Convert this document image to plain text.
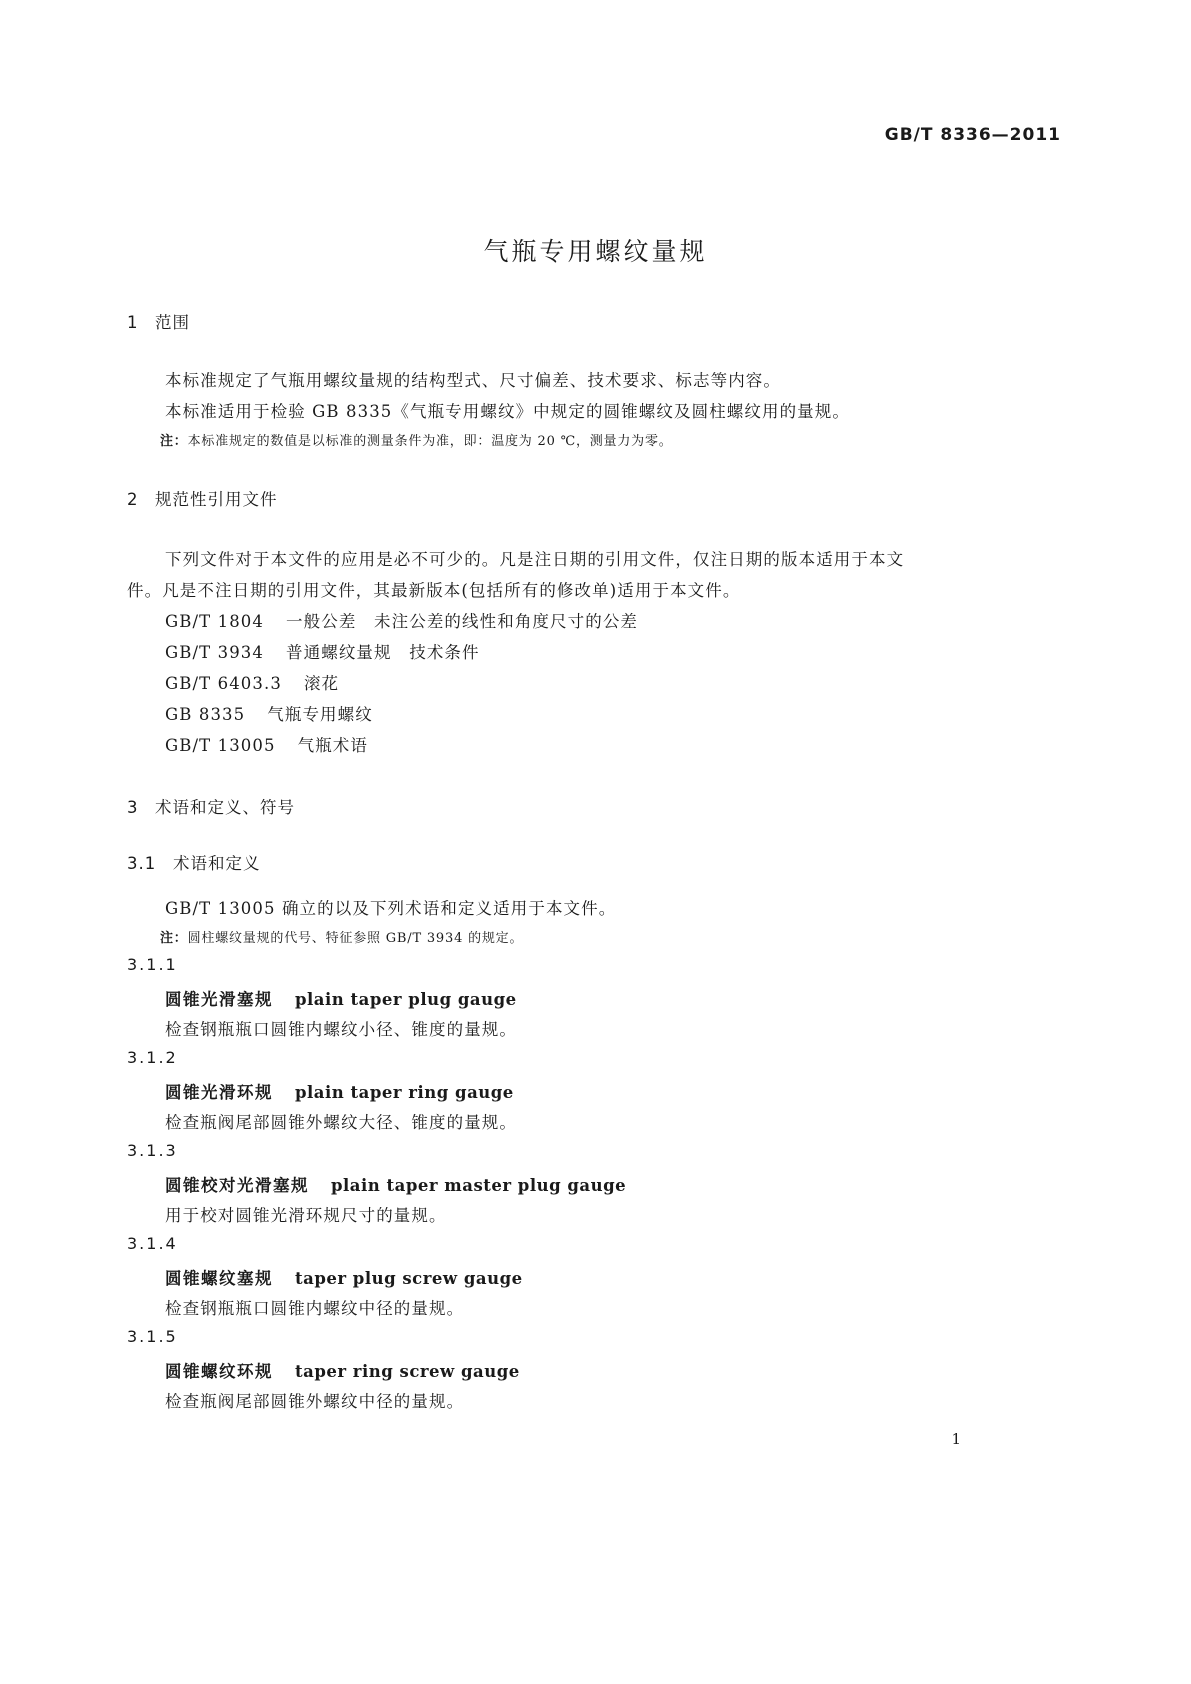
GB/T 8336—2011
气瓶专用螺纹量规
1 范围
本标准规定了气瓶用螺纹量规的结构型式、尺寸偏差、技术要求、标志等内容。
本标准适用于检验 GB 8335《气瓶专用螺纹》中规定的圆锥螺纹及圆柱螺纹用的量规。
注：本标准规定的数值是以标准的测量条件为准，即：温度为 20 ℃，测量力为零。
2 规范性引用文件
下列文件对于本文件的应用是必不可少的。凡是注日期的引用文件，仅注日期的版本适用于本文
件。凡是不注日期的引用文件，其最新版本(包括所有的修改单)适用于本文件。
GB/T 1804 一般公差　未注公差的线性和角度尺寸的公差
GB/T 3934 普通螺纹量规　技术条件
GB/T 6403.3 滚花
GB 8335 气瓶专用螺纹
GB/T 13005 气瓶术语
3 术语和定义、符号
3.1 术语和定义
GB/T 13005 确立的以及下列术语和定义适用于本文件。
注：圆柱螺纹量规的代号、特征参照 GB/T 3934 的规定。
3.1.1
圆锥光滑塞规 plain taper plug gauge
检查钢瓶瓶口圆锥内螺纹小径、锥度的量规。
3.1.2
圆锥光滑环规 plain taper ring gauge
检查瓶阀尾部圆锥外螺纹大径、锥度的量规。
3.1.3
圆锥校对光滑塞规 plain taper master plug gauge
用于校对圆锥光滑环规尺寸的量规。
3.1.4
圆锥螺纹塞规 taper plug screw gauge
检查钢瓶瓶口圆锥内螺纹中径的量规。
3.1.5
圆锥螺纹环规 taper ring screw gauge
检查瓶阀尾部圆锥外螺纹中径的量规。
1
